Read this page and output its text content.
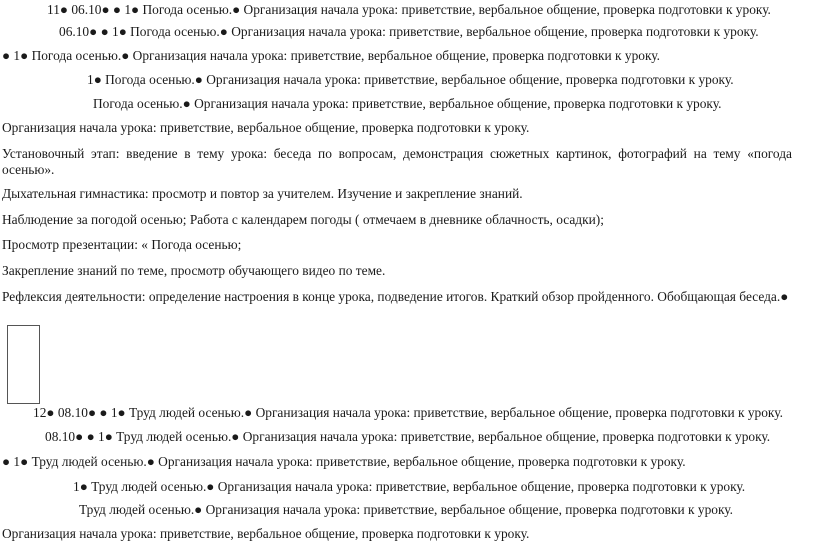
11● 06.10● ● 1● Погода осенью.● Организация начала урока: приветствие, вербальное общение, проверка подготовки к уроку.
06.10● ● 1● Погода осенью.● Организация начала урока: приветствие, вербальное общение, проверка подготовки к уроку.
● 1● Погода осенью.● Организация начала урока: приветствие, вербальное общение, проверка подготовки к уроку.
1● Погода осенью.● Организация начала урока: приветствие, вербальное общение, проверка подготовки к уроку.
Погода осенью.● Организация начала урока: приветствие, вербальное общение, проверка подготовки к уроку.
Организация начала урока: приветствие, вербальное общение, проверка подготовки к уроку.
Установочный этап: введение в тему урока: беседа по вопросам, демонстрация сюжетных картинок, фотографий на тему «погода осенью».
Дыхательная гимнастика: просмотр и повтор за учителем. Изучение и закрепление знаний.
Наблюдение за погодой осенью; Работа с календарем погоды ( отмечаем в дневнике облачность, осадки);
Просмотр презентации: « Погода осенью;
Закрепление знаний по теме, просмотр обучающего видео по теме.
Рефлексия деятельности: определение настроения в конце урока, подведение итогов. Краткий обзор пройденного. Обобщающая беседа.●
12● 08.10● ● 1● Труд людей осенью.● Организация начала урока: приветствие, вербальное общение, проверка подготовки к уроку.
08.10● ● 1● Труд людей осенью.● Организация начала урока: приветствие, вербальное общение, проверка подготовки к уроку.
● 1● Труд людей осенью.● Организация начала урока: приветствие, вербальное общение, проверка подготовки к уроку.
1● Труд людей осенью.● Организация начала урока: приветствие, вербальное общение, проверка подготовки к уроку.
Труд людей осенью.● Организация начала урока: приветствие, вербальное общение, проверка подготовки к уроку.
Организация начала урока: приветствие, вербальное общение, проверка подготовки к уроку.
